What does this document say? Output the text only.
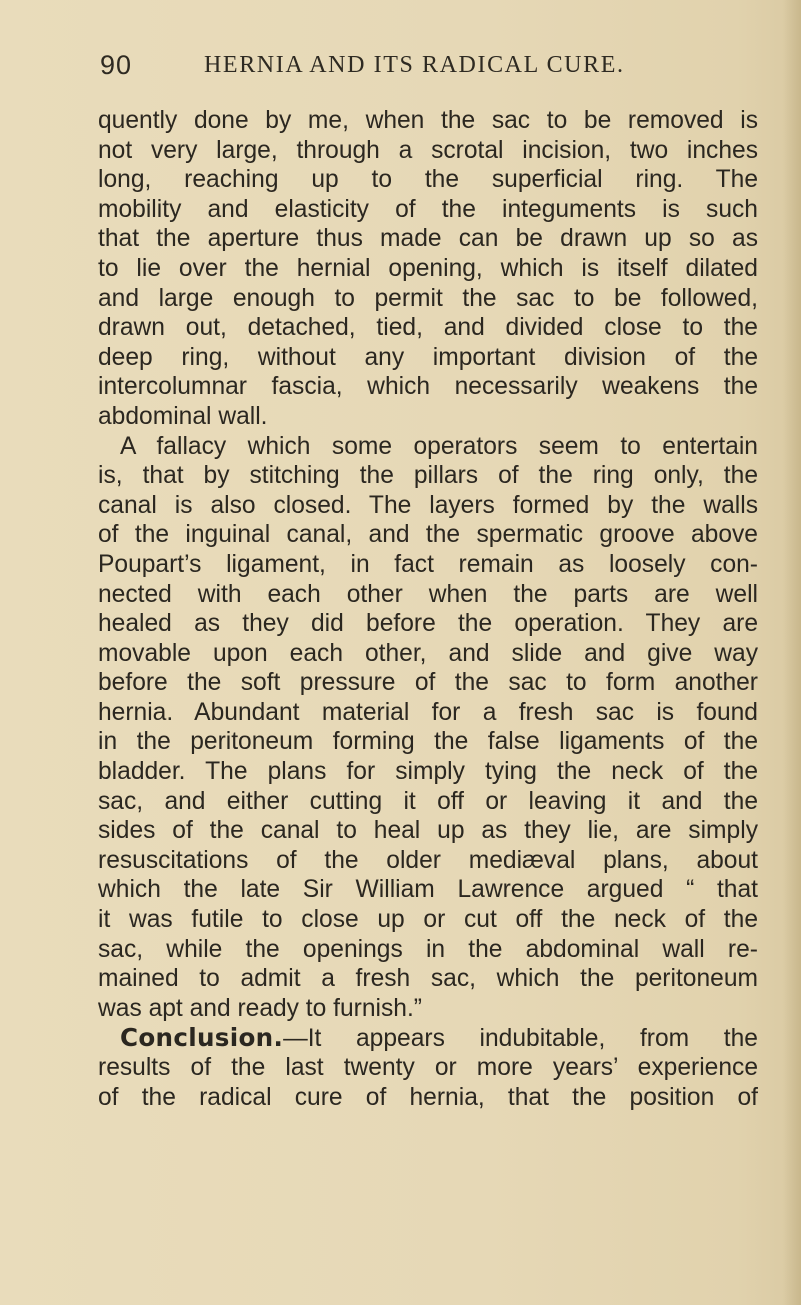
90	HERNIA AND ITS RADICAL CURE.
quently done by me, when the sac to be removed is
not very large, through a scrotal incision, two inches
long, reaching up to the superficial ring. The
mobility and elasticity of the integuments is such
that the aperture thus made can be drawn up so as
to lie over the hernial opening, which is itself dilated
and large enough to permit the sac to be followed,
drawn out, detached, tied, and divided close to the
deep ring, without any important division of the
intercolumnar fascia, which necessarily weakens the
abdominal wall.
A fallacy which some operators seem to entertain
is, that by stitching the pillars of the ring only, the
canal is also closed. The layers formed by the walls
of the inguinal canal, and the spermatic groove above
Poupart’s ligament, in fact remain as loosely con-
nected with each other when the parts are well
healed as they did before the operation. They are
movable upon each other, and slide and give way
before the soft pressure of the sac to form another
hernia. Abundant material for a fresh sac is found
in the peritoneum forming the false ligaments of the
bladder. The plans for simply tying the neck of the
sac, and either cutting it off or leaving it and the
sides of the canal to heal up as they lie, are simply
resuscitations of the older mediæval plans, about
which the late Sir William Lawrence argued “ that
it was futile to close up or cut off the neck of the
sac, while the openings in the abdominal wall re-
mained to admit a fresh sac, which the peritoneum
was apt and ready to furnish.”
Conclusion.—It appears indubitable, from the
results of the last twenty or more years’ experience
of the radical cure of hernia, that the position of
